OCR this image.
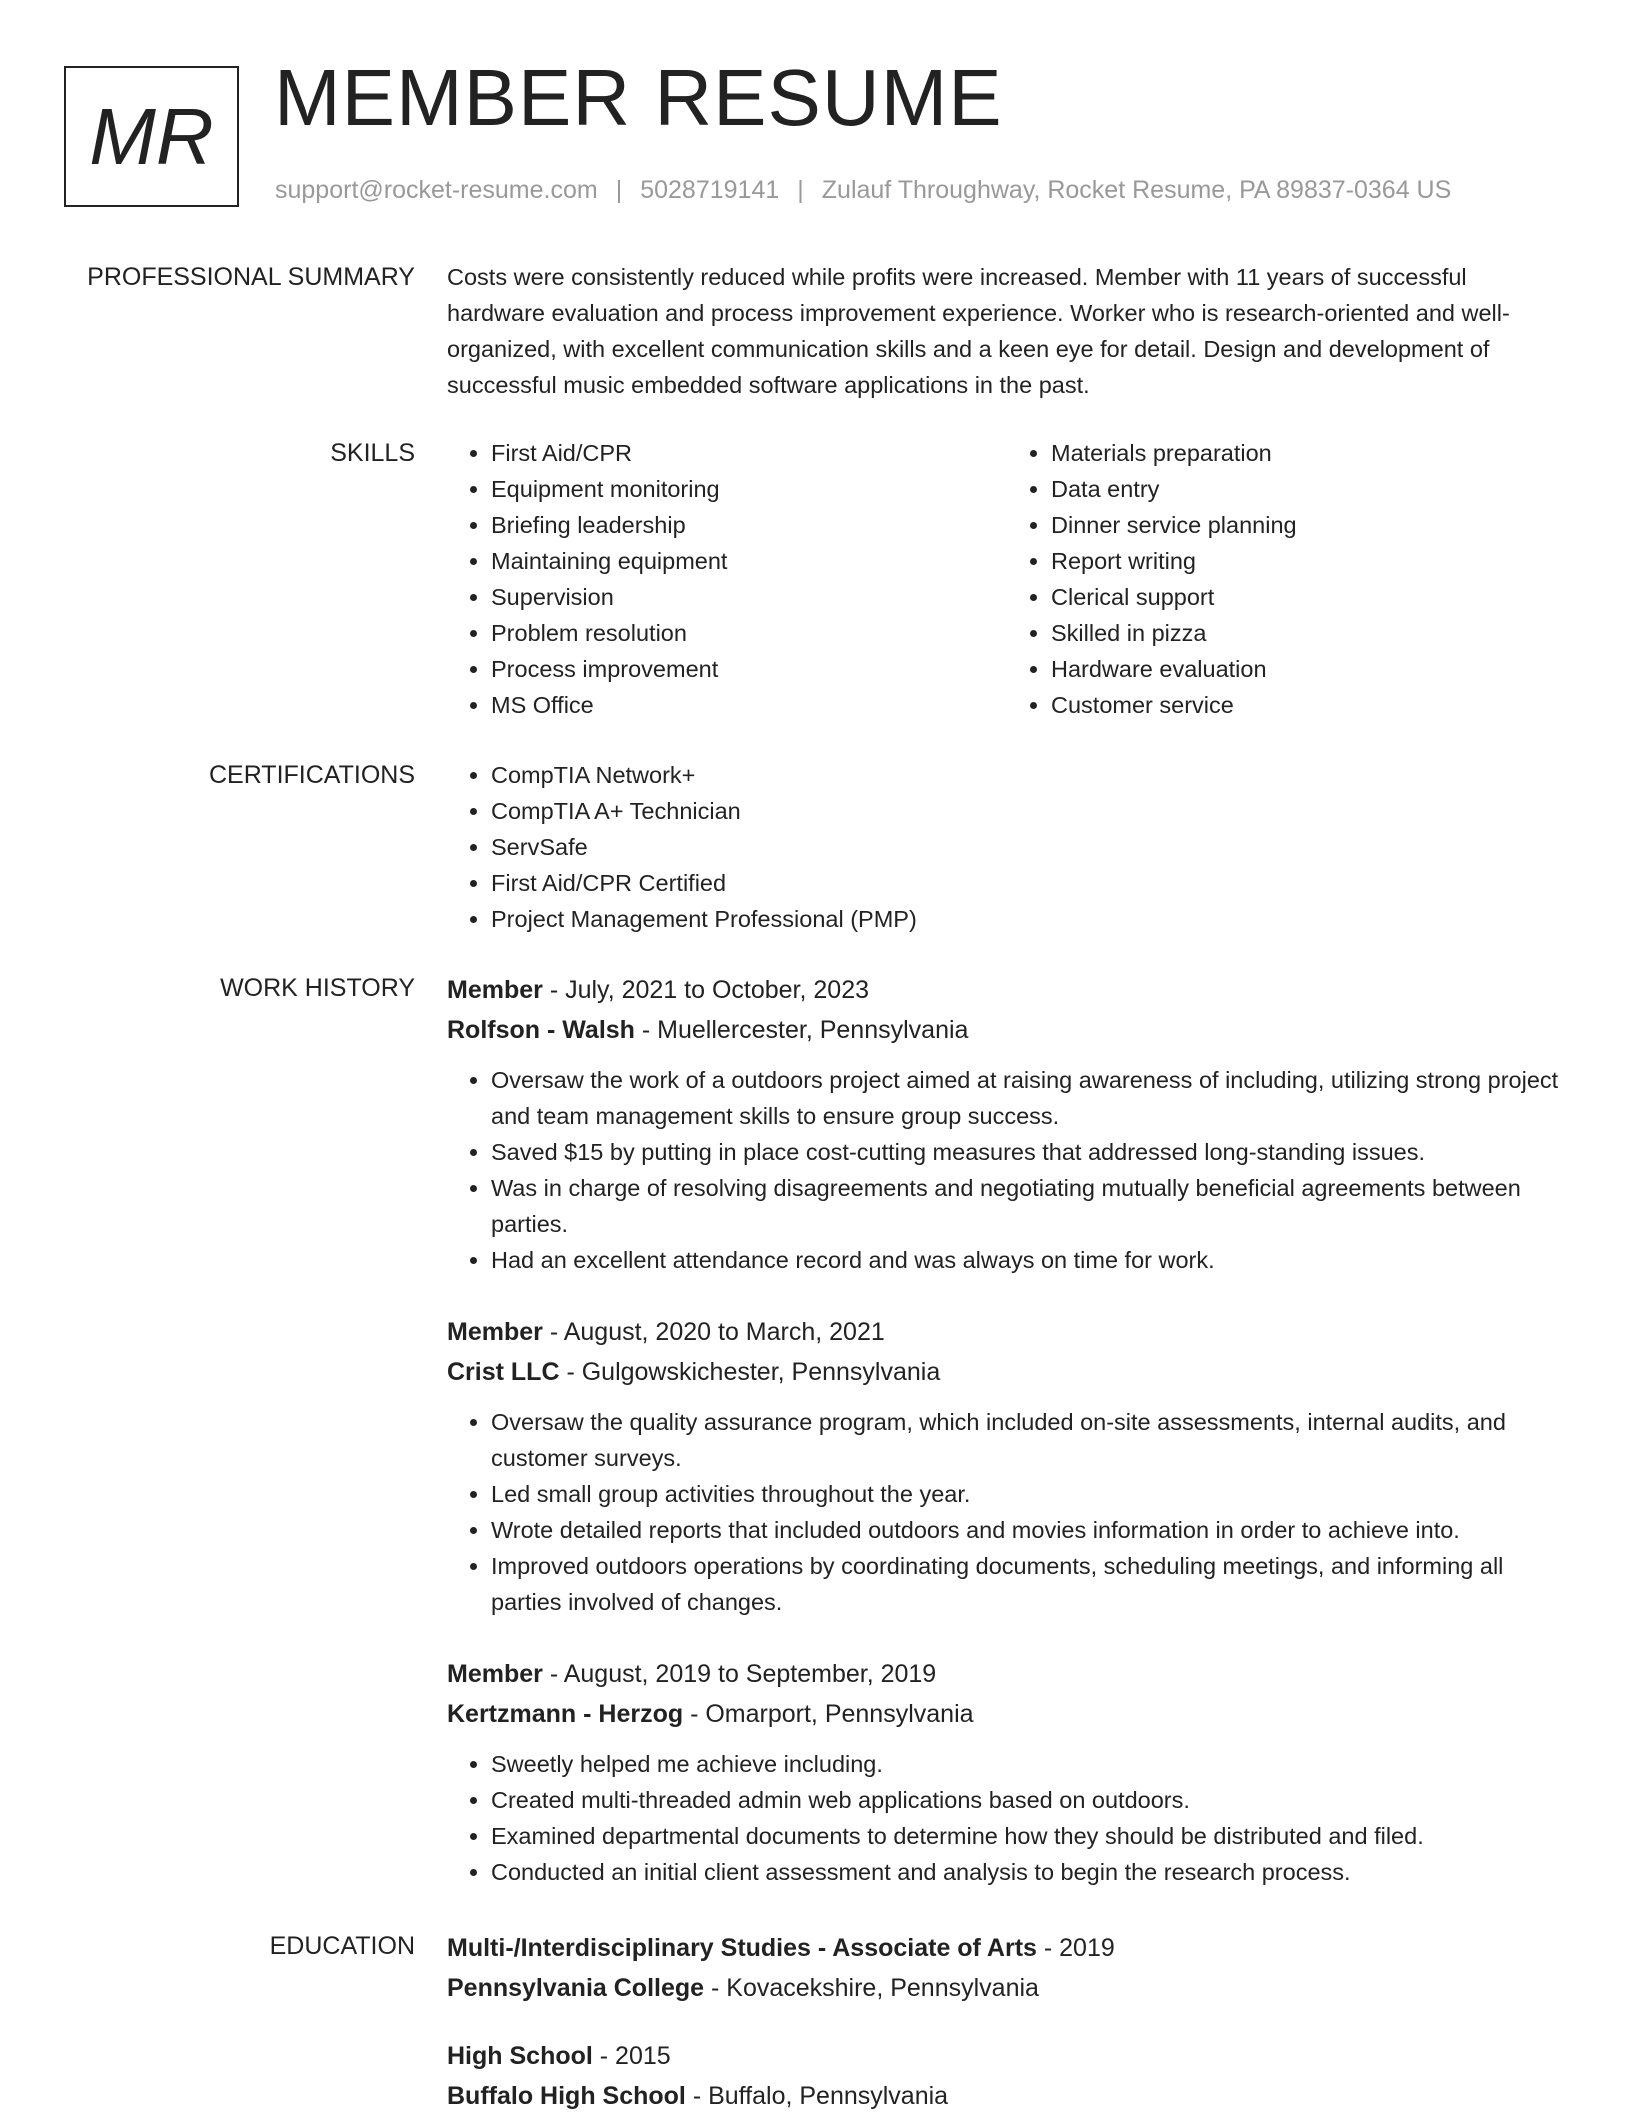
MR MEMBER RESUME
support@rocket-resume.com | 5028719141 | Zulauf Throughway, Rocket Resume, PA 89837-0364 US
PROFESSIONAL SUMMARY Costs were consistently reduced while profits were increased. Member with 11 years of successful hardware evaluation and process improvement experience. Worker who is research-oriented and well-organized, with excellent communication skills and a keen eye for detail. Design and development of successful music embedded software applications in the past.

SKILLS	• First Aid/CPR
• Equipment monitoring
• Briefing leadership
• Maintaining equipment
• Supervision
• Problem resolution
• Process improvement
• MS Office
• Materials preparation
• Data entry
• Dinner service planning
• Report writing
• Clerical support
• Skilled in pizza
• Hardware evaluation
• Customer service
CERTIFICATIONS	• CompTIA Network+
• CompTIA A+ Technician
• ServSafe
• First Aid/CPR Certified
• Project Management Professional (PMP)
WORK HISTORY Member - July, 2021 to October, 2023
Rolfson - Walsh - Muellercester, Pennsylvania
• Oversaw the work of a outdoors project aimed at raising awareness of including, utilizing strong project and team management skills to ensure group success.
• Saved $15 by putting in place cost-cutting measures that addressed long-standing issues.
• Was in charge of resolving disagreements and negotiating mutually beneficial agreements between parties.
• Had an excellent attendance record and was always on time for work.
Member - August, 2020 to March, 2021
Crist LLC - Gulgowskichester, Pennsylvania
• Oversaw the quality assurance program, which included on-site assessments, internal audits, and customer surveys.
• Led small group activities throughout the year.
• Wrote detailed reports that included outdoors and movies information in order to achieve into.
• Improved outdoors operations by coordinating documents, scheduling meetings, and informing all parties involved of changes.
Member - August, 2019 to September, 2019
Kertzmann - Herzog - Omarport, Pennsylvania
• Sweetly helped me achieve including.
• Created multi-threaded admin web applications based on outdoors.
• Examined departmental documents to determine how they should be distributed and filed.
• Conducted an initial client assessment and analysis to begin the research process.
EDUCATION Multi-/Interdisciplinary Studies - Associate of Arts - 2019
Pennsylvania College - Kovacekshire, Pennsylvania
High School - 2015
Buffalo High School - Buffalo, Pennsylvania
